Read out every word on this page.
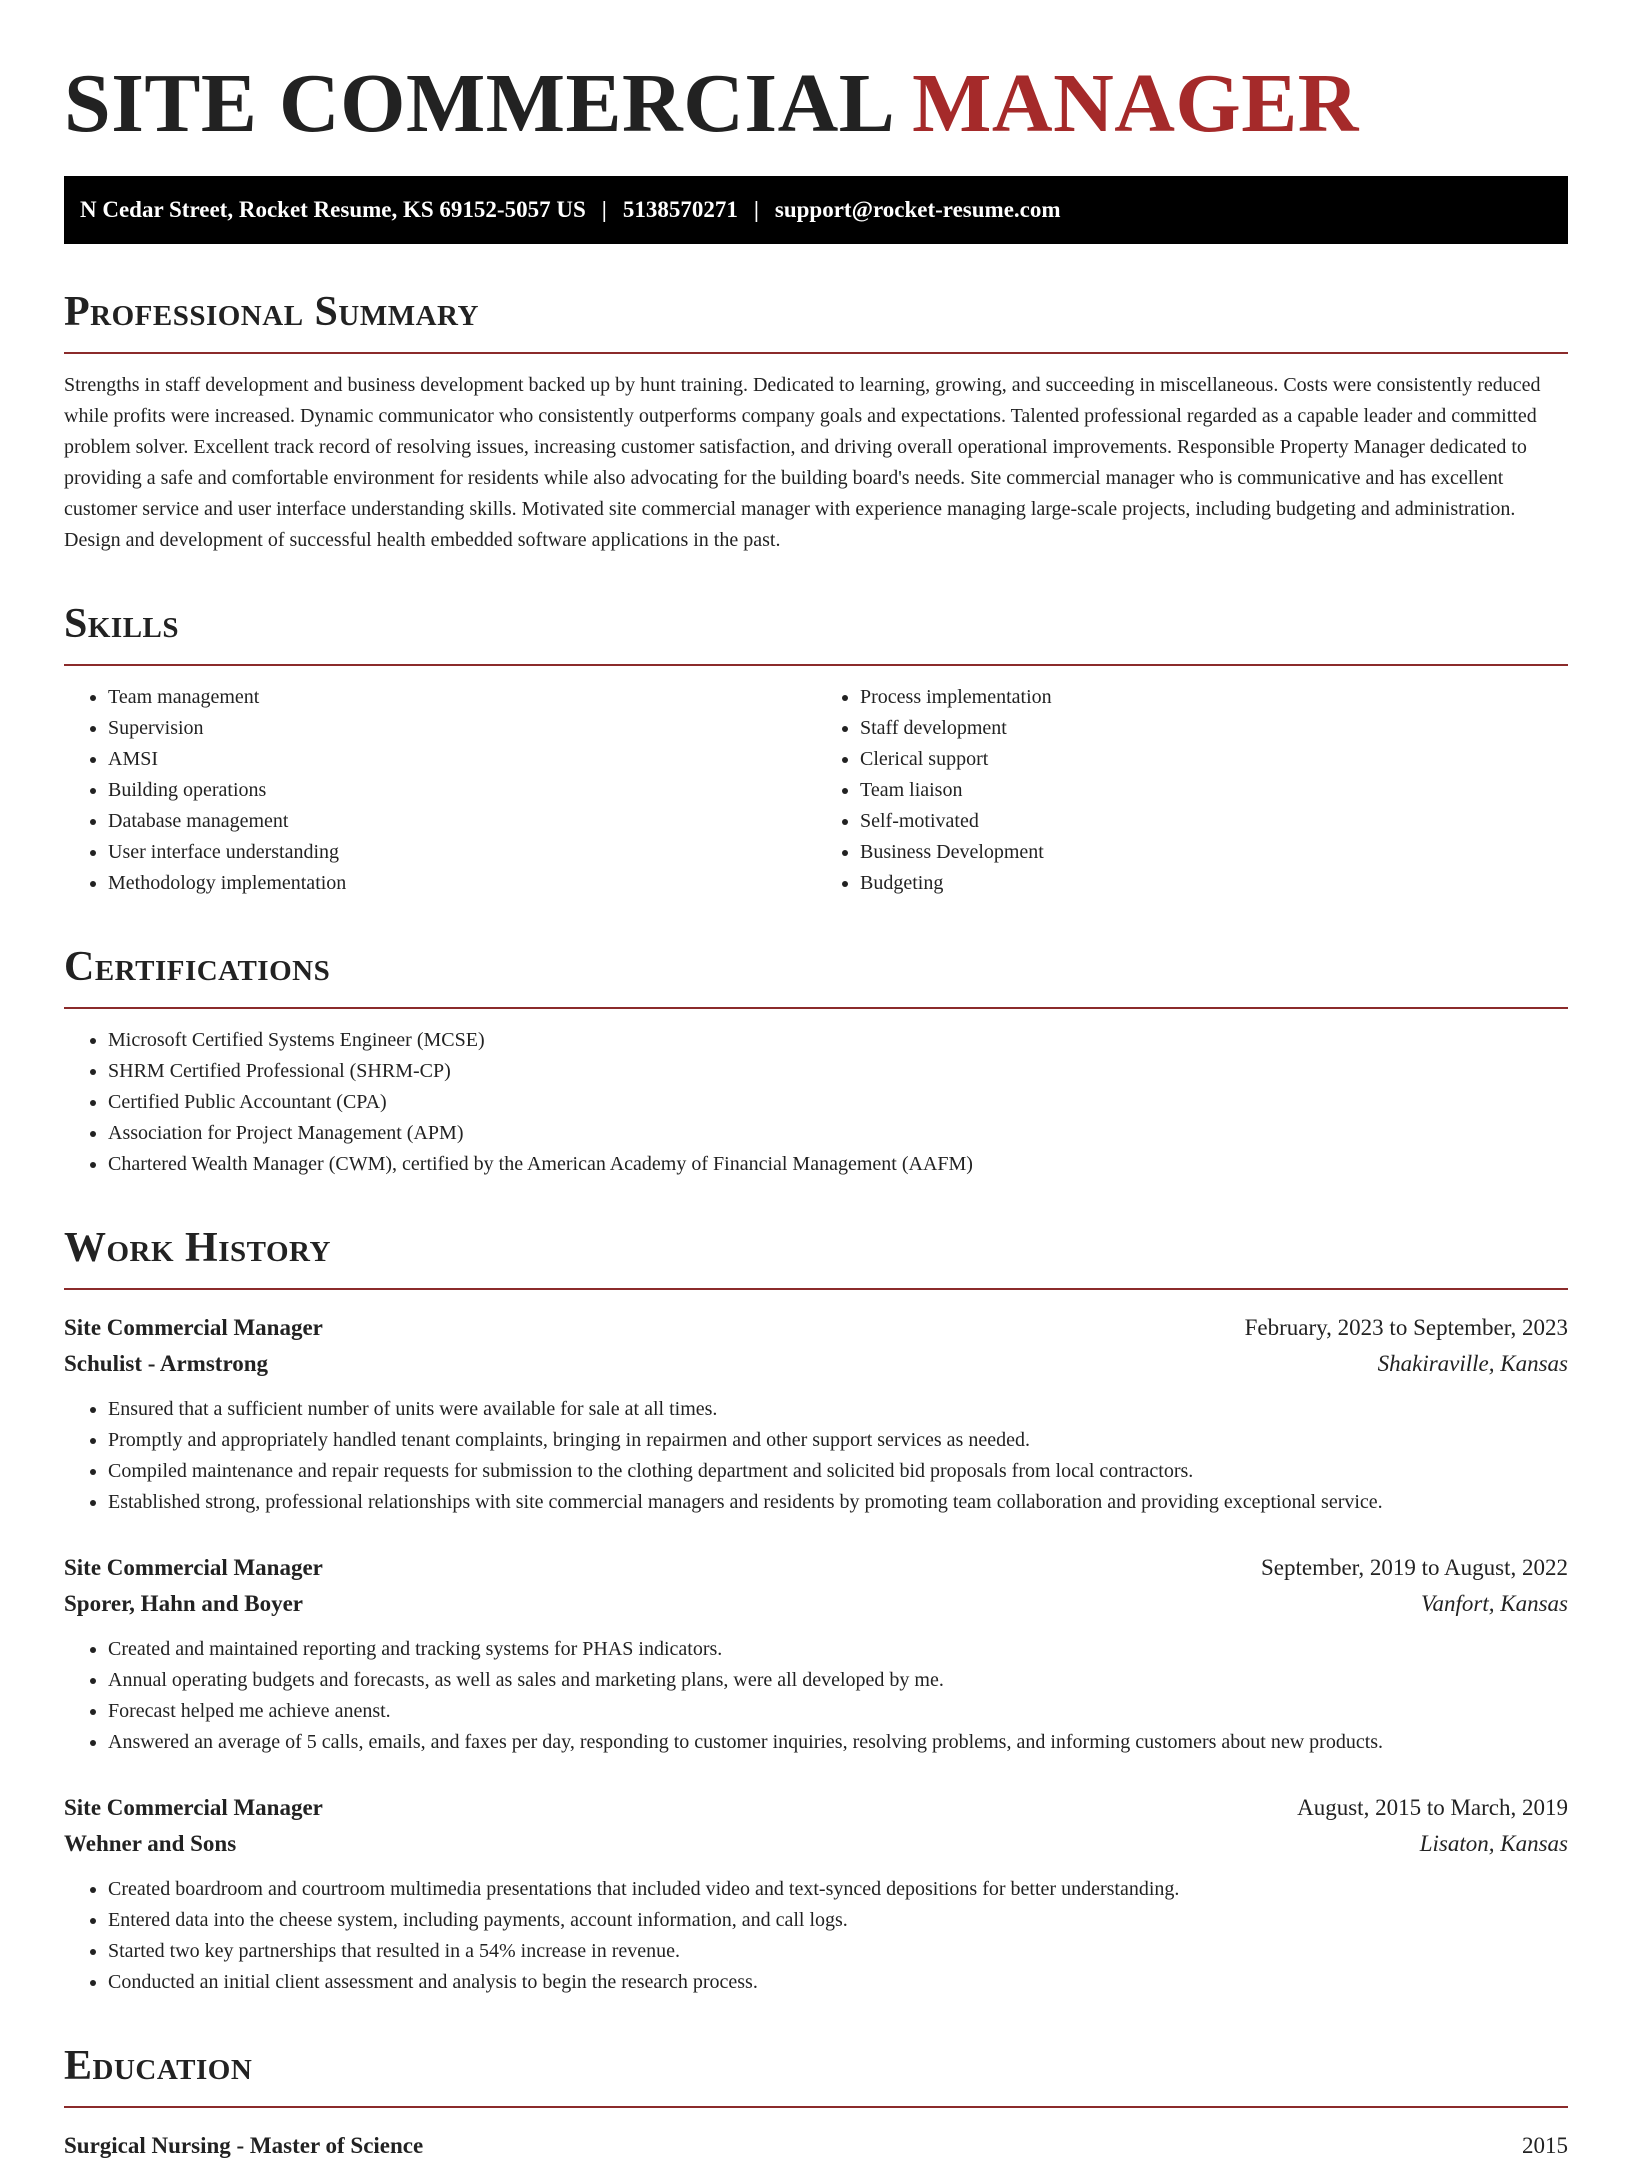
SITE COMMERCIAL MANAGER
N Cedar Street, Rocket Resume, KS 69152-5057 US | 5138570271 | support@rocket-resume.com
Professional Summary

Strengths in staff development and business development backed up by hunt training. Dedicated to learning, growing, and succeeding in miscellaneous. Costs were consistently reduced while profits were increased. Dynamic communicator who consistently outperforms company goals and expectations. Talented professional regarded as a capable leader and committed problem solver. Excellent track record of resolving issues, increasing customer satisfaction, and driving overall operational improvements. Responsible Property Manager dedicated to providing a safe and comfortable environment for residents while also advocating for the building board's needs. Site commercial manager who is communicative and has excellent customer service and user interface understanding skills. Motivated site commercial manager with experience managing large-scale projects, including budgeting and administration. Design and development of successful health embedded software applications in the past.

Skills
• Team management
• Supervision
• AMSI
• Building operations
• Database management
• User interface understanding
• Methodology implementation
• Process implementation
• Staff development
• Clerical support
• Team liaison
• Self-motivated
• Business Development
• Budgeting
Certifications
• Microsoft Certified Systems Engineer (MCSE)
• SHRM Certified Professional (SHRM-CP)
• Certified Public Accountant (CPA)
• Association for Project Management (APM)
• Chartered Wealth Manager (CWM), certified by the American Academy of Financial Management (AAFM)
Work History
Site Commercial Manager	February, 2023 to September, 2023
Schulist - Armstrong	Shakiraville, Kansas
• Ensured that a sufficient number of units were available for sale at all times.
• Promptly and appropriately handled tenant complaints, bringing in repairmen and other support services as needed.
• Compiled maintenance and repair requests for submission to the clothing department and solicited bid proposals from local contractors.
• Established strong, professional relationships with site commercial managers and residents by promoting team collaboration and providing exceptional service.
Site Commercial Manager	September, 2019 to August, 2022
Sporer, Hahn and Boyer	Vanfort, Kansas
• Created and maintained reporting and tracking systems for PHAS indicators.
• Annual operating budgets and forecasts, as well as sales and marketing plans, were all developed by me.
• Forecast helped me achieve anenst.
• Answered an average of 5 calls, emails, and faxes per day, responding to customer inquiries, resolving problems, and informing customers about new products.
Site Commercial Manager	August, 2015 to March, 2019
Wehner and Sons	Lisaton, Kansas
• Created boardroom and courtroom multimedia presentations that included video and text-synced depositions for better understanding.
• Entered data into the cheese system, including payments, account information, and call logs.
• Started two key partnerships that resulted in a 54% increase in revenue.
• Conducted an initial client assessment and analysis to begin the research process.
Education
Surgical Nursing - Master of Science	2015
